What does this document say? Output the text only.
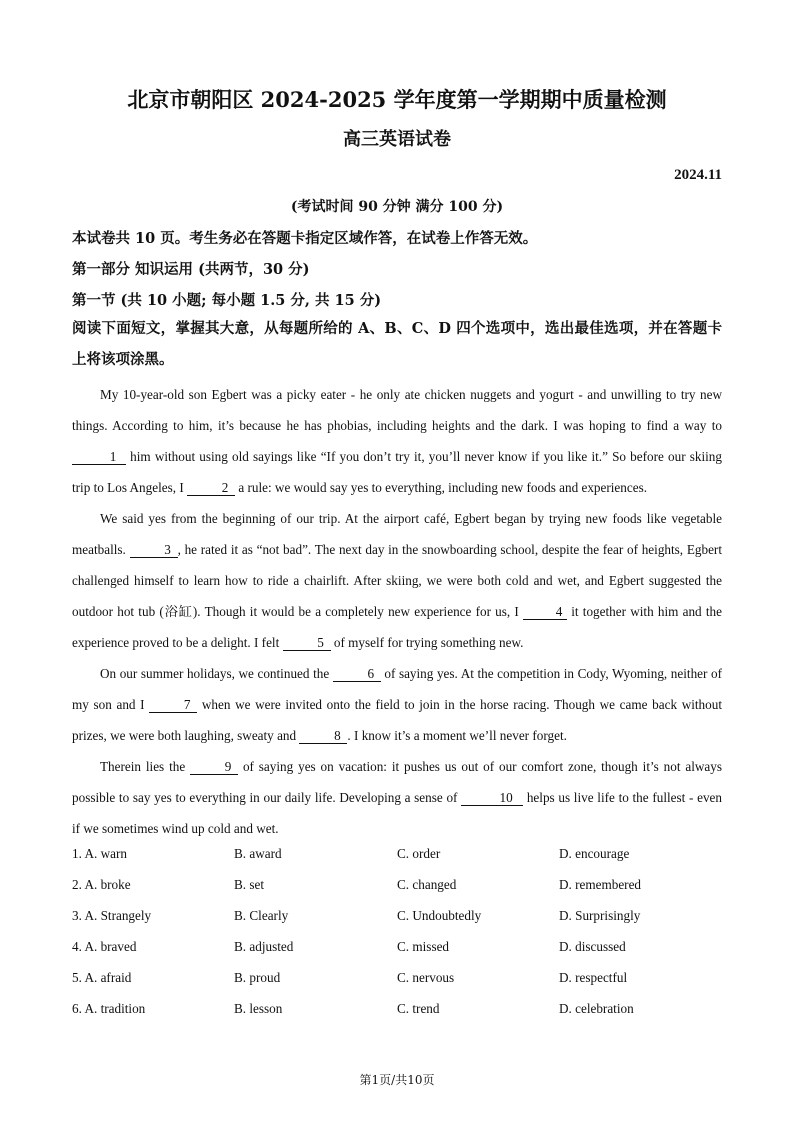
北京市朝阳区 2024-2025 学年度第一学期期中质量检测
高三英语试卷
2024.11
(考试时间 90 分钟 满分 100 分)
本试卷共 10 页。考生务必在答题卡指定区域作答，在试卷上作答无效。
第一部分 知识运用 (共两节，30 分)
第一节 (共 10 小题; 每小题 1.5 分, 共 15 分)
阅读下面短文，掌握其大意，从每题所给的 A、B、C、D 四个选项中，选出最佳选项，并在答题卡上将该项涂黑。

My 10-year-old son Egbert was a picky eater - he only ate chicken nuggets and yogurt - and unwilling to try new things. According to him, it’s because he has phobias, including heights and the dark. I was hoping to find a way to 1 him without using old sayings like “If you don’t try it, you’ll never know if you like it.” So before our skiing trip to Los Angeles, I	2 a rule: we would say yes to everything, including new foods and experiences.

We said yes from the beginning of our trip. At the airport café, Egbert began by trying new foods like vegetable meatballs.	3 , he rated it as “not bad”. The next day in the snowboarding school, despite the fear of heights, Egbert challenged himself to learn how to ride a chairlift. After skiing, we were both cold and wet, and Egbert suggested the outdoor hot tub (浴缸). Though it would be a completely new experience for us, I 4 it together with him and the experience proved to be a delight. I felt	5 of myself for trying something new.

On our summer holidays, we continued the	6 of saying yes. At the competition in Cody, Wyoming, neither of my son and I	7 when we were invited onto the field to join in the horse racing. Though we came back without prizes, we were both laughing, sweaty and	8 . I know it’s a moment we’ll never forget.

Therein lies the	9 of saying yes on vacation: it pushes us out of our comfort zone, though it’s not always possible to say yes to everything in our daily life. Developing a sense of	10 helps us live life to the fullest - even if we sometimes wind up cold and wet.

1. A. warn	B. award	C. order	D. encourage
2. A. broke	B. set	C. changed	D. remembered
3. A. Strangely	B. Clearly	C. Undoubtedly	D. Surprisingly
4. A. braved	B. adjusted	C. missed	D. discussed
5. A. afraid	B. proud	C. nervous	D. respectful
6. A. tradition	B. lesson	C. trend	D. celebration
第1页/共10页
